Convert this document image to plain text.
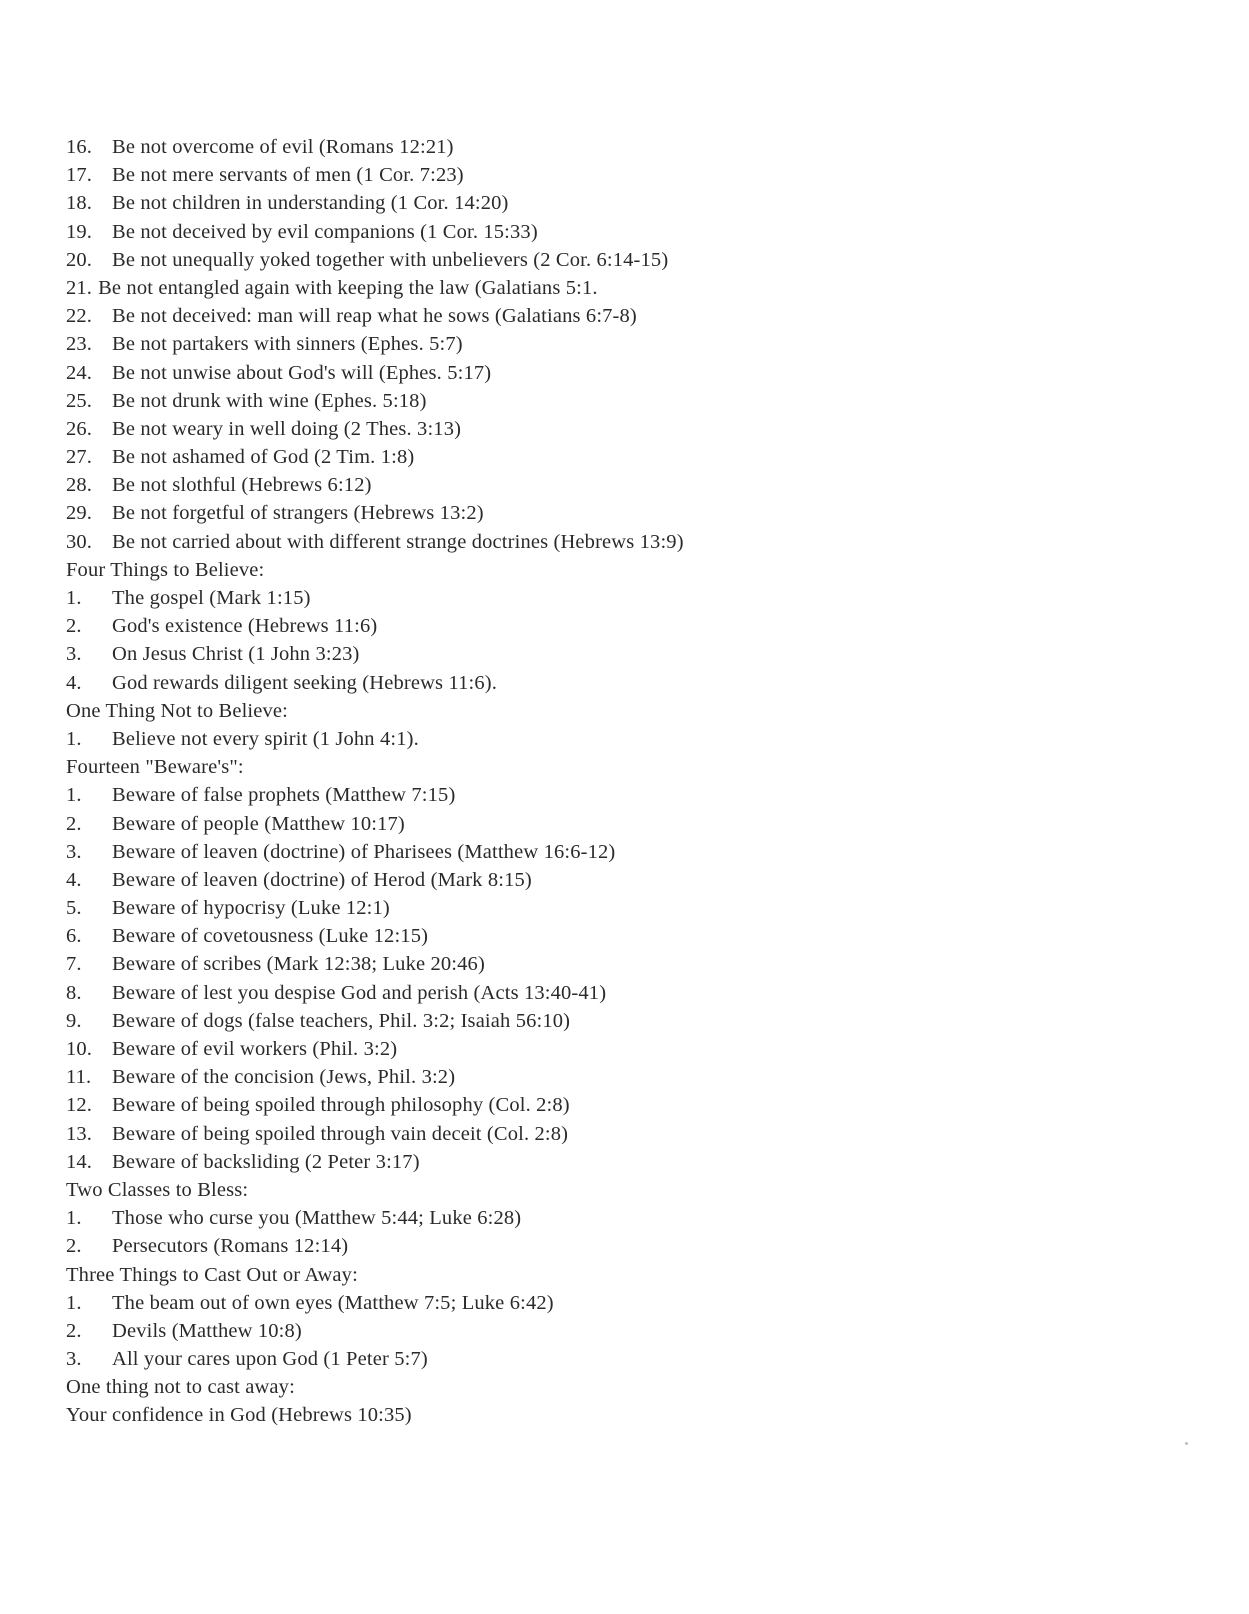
16. Be not overcome of evil (Romans 12:21)
17. Be not mere servants of men (1 Cor. 7:23)
18. Be not children in understanding (1 Cor. 14:20)
19. Be not deceived by evil companions (1 Cor. 15:33)
20. Be not unequally yoked together with unbelievers (2 Cor. 6:14-15)
21. Be not entangled again with keeping the law (Galatians 5:1.
22. Be not deceived: man will reap what he sows (Galatians 6:7-8)
23. Be not partakers with sinners (Ephes. 5:7)
24. Be not unwise about God's will (Ephes. 5:17)
25. Be not drunk with wine (Ephes. 5:18)
26. Be not weary in well doing (2 Thes. 3:13)
27. Be not ashamed of God (2 Tim. 1:8)
28. Be not slothful (Hebrews 6:12)
29. Be not forgetful of strangers (Hebrews 13:2)
30. Be not carried about with different strange doctrines (Hebrews 13:9)
Four Things to Believe:
1. The gospel (Mark 1:15)
2. God's existence (Hebrews 11:6)
3. On Jesus Christ (1 John 3:23)
4. God rewards diligent seeking (Hebrews 11:6).
One Thing Not to Believe:
1. Believe not every spirit (1 John 4:1).
Fourteen "Beware's":
1. Beware of false prophets (Matthew 7:15)
2. Beware of people (Matthew 10:17)
3. Beware of leaven (doctrine) of Pharisees (Matthew 16:6-12)
4. Beware of leaven (doctrine) of Herod (Mark 8:15)
5. Beware of hypocrisy (Luke 12:1)
6. Beware of covetousness (Luke 12:15)
7. Beware of scribes (Mark 12:38; Luke 20:46)
8. Beware of lest you despise God and perish (Acts 13:40-41)
9. Beware of dogs (false teachers, Phil. 3:2; Isaiah 56:10)
10. Beware of evil workers (Phil. 3:2)
11. Beware of the concision (Jews, Phil. 3:2)
12. Beware of being spoiled through philosophy (Col. 2:8)
13. Beware of being spoiled through vain deceit (Col. 2:8)
14. Beware of backsliding (2 Peter 3:17)
Two Classes to Bless:
1. Those who curse you (Matthew 5:44; Luke 6:28)
2. Persecutors (Romans 12:14)
Three Things to Cast Out or Away:
1. The beam out of own eyes (Matthew 7:5; Luke 6:42)
2. Devils (Matthew 10:8)
3. All your cares upon God (1 Peter 5:7)
One thing not to cast away:
Your confidence in God (Hebrews 10:35)
